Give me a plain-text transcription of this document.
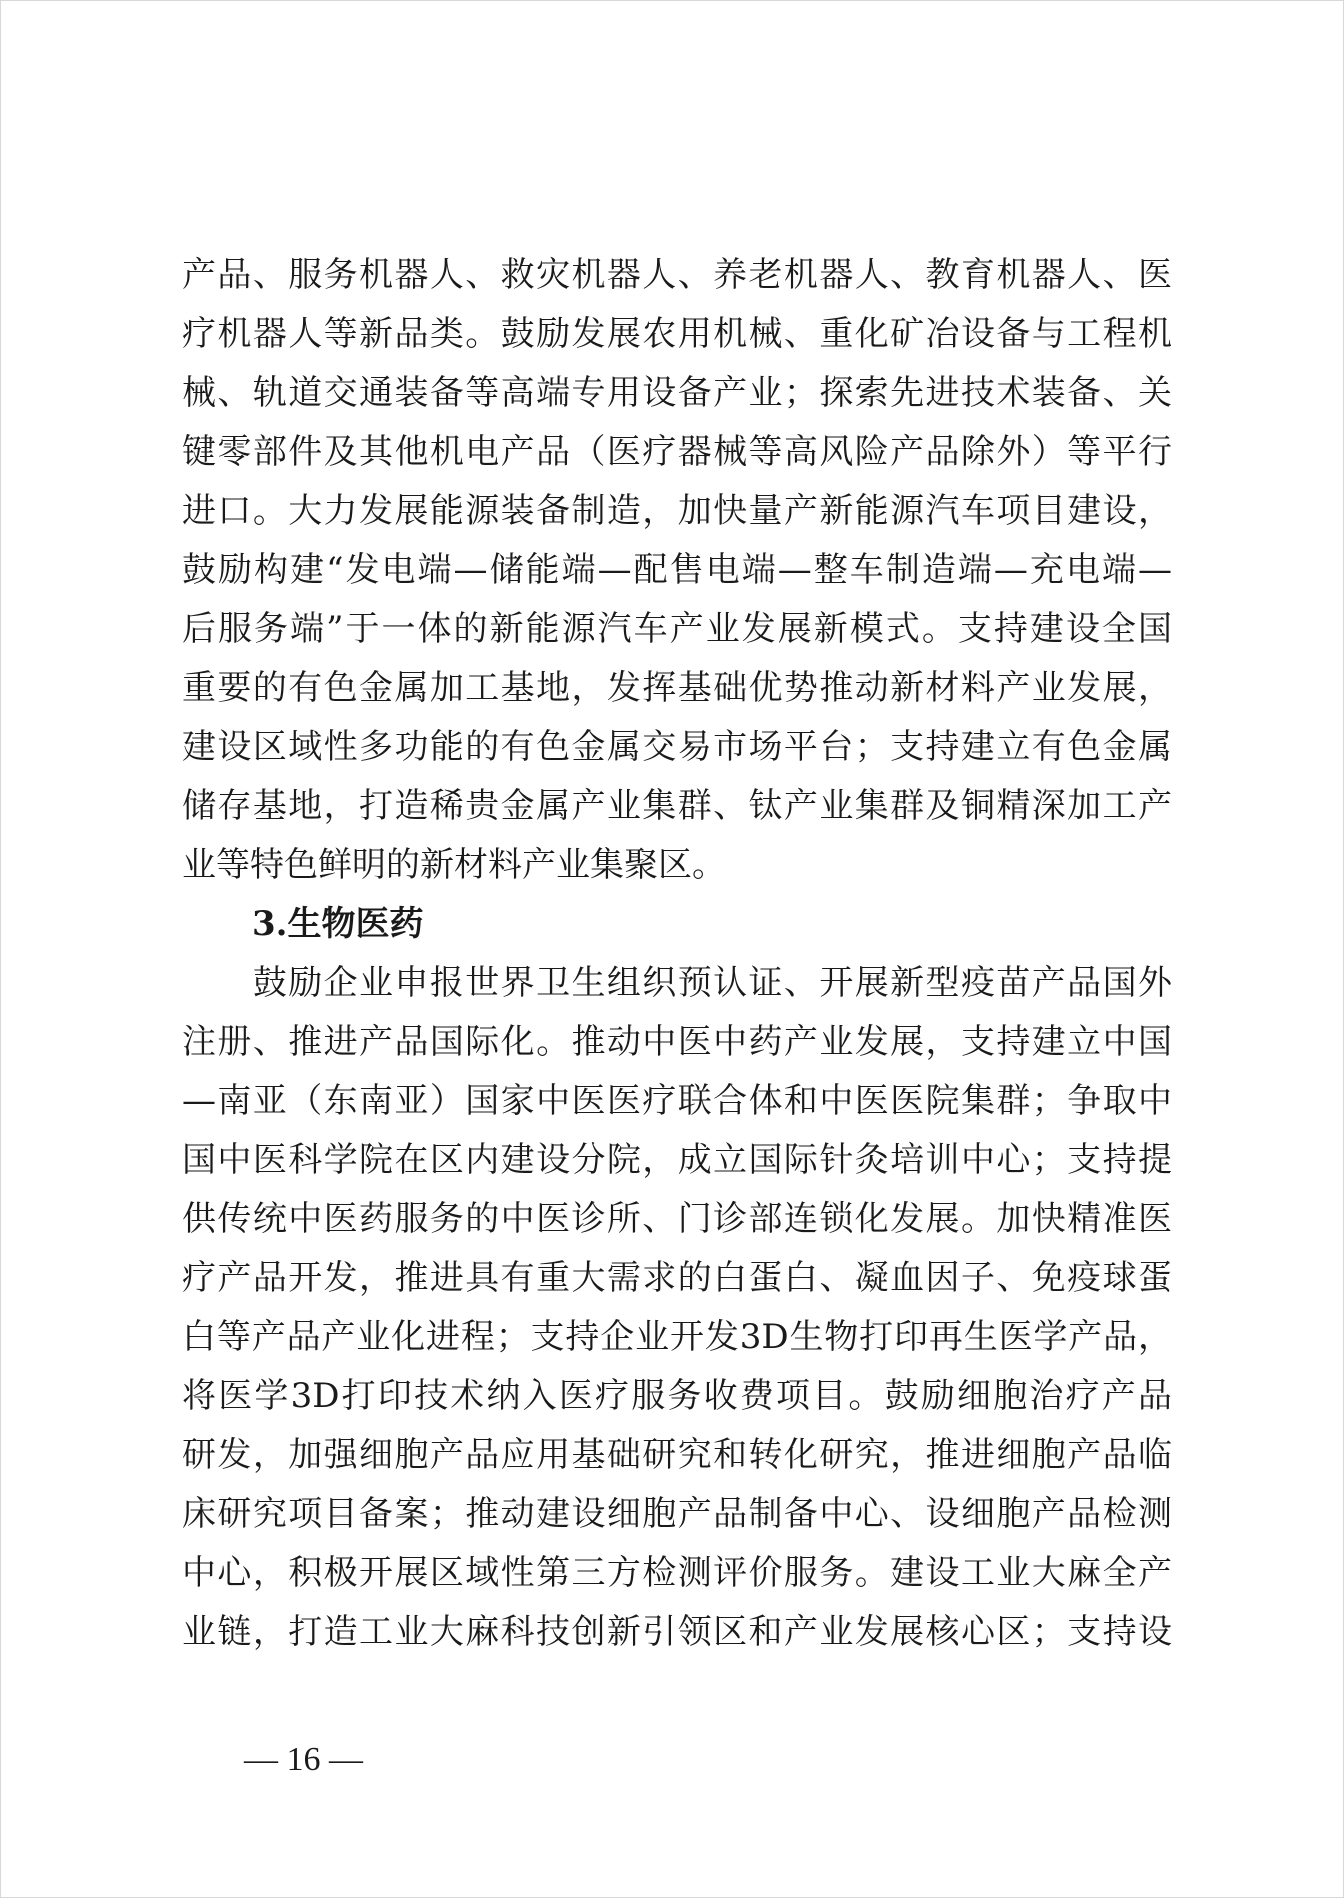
产品、服务机器人、救灾机器人、养老机器人、教育机器人、医
疗机器人等新品类。鼓励发展农用机械、重化矿冶设备与工程机
械、轨道交通装备等高端专用设备产业；探索先进技术装备、关
键零部件及其他机电产品（医疗器械等高风险产品除外）等平行
进口。大力发展能源装备制造，加快量产新能源汽车项目建设，
鼓励构建“发电端—储能端—配售电端—整车制造端—充电端—
后服务端”于一体的新能源汽车产业发展新模式。支持建设全国
重要的有色金属加工基地，发挥基础优势推动新材料产业发展，
建设区域性多功能的有色金属交易市场平台；支持建立有色金属
储存基地，打造稀贵金属产业集群、钛产业集群及铜精深加工产
业等特色鲜明的新材料产业集聚区。
3.生物医药
　　鼓励企业申报世界卫生组织预认证、开展新型疫苗产品国外
注册、推进产品国际化。推动中医中药产业发展，支持建立中国
—南亚（东南亚）国家中医医疗联合体和中医医院集群；争取中
国中医科学院在区内建设分院，成立国际针灸培训中心；支持提
供传统中医药服务的中医诊所、门诊部连锁化发展。加快精准医
疗产品开发，推进具有重大需求的白蛋白、凝血因子、免疫球蛋
白等产品产业化进程；支持企业开发3D生物打印再生医学产品，
将医学3D打印技术纳入医疗服务收费项目。鼓励细胞治疗产品
研发，加强细胞产品应用基础研究和转化研究，推进细胞产品临
床研究项目备案；推动建设细胞产品制备中心、设细胞产品检测
中心，积极开展区域性第三方检测评价服务。建设工业大麻全产
业链，打造工业大麻科技创新引领区和产业发展核心区；支持设
— 16 —
